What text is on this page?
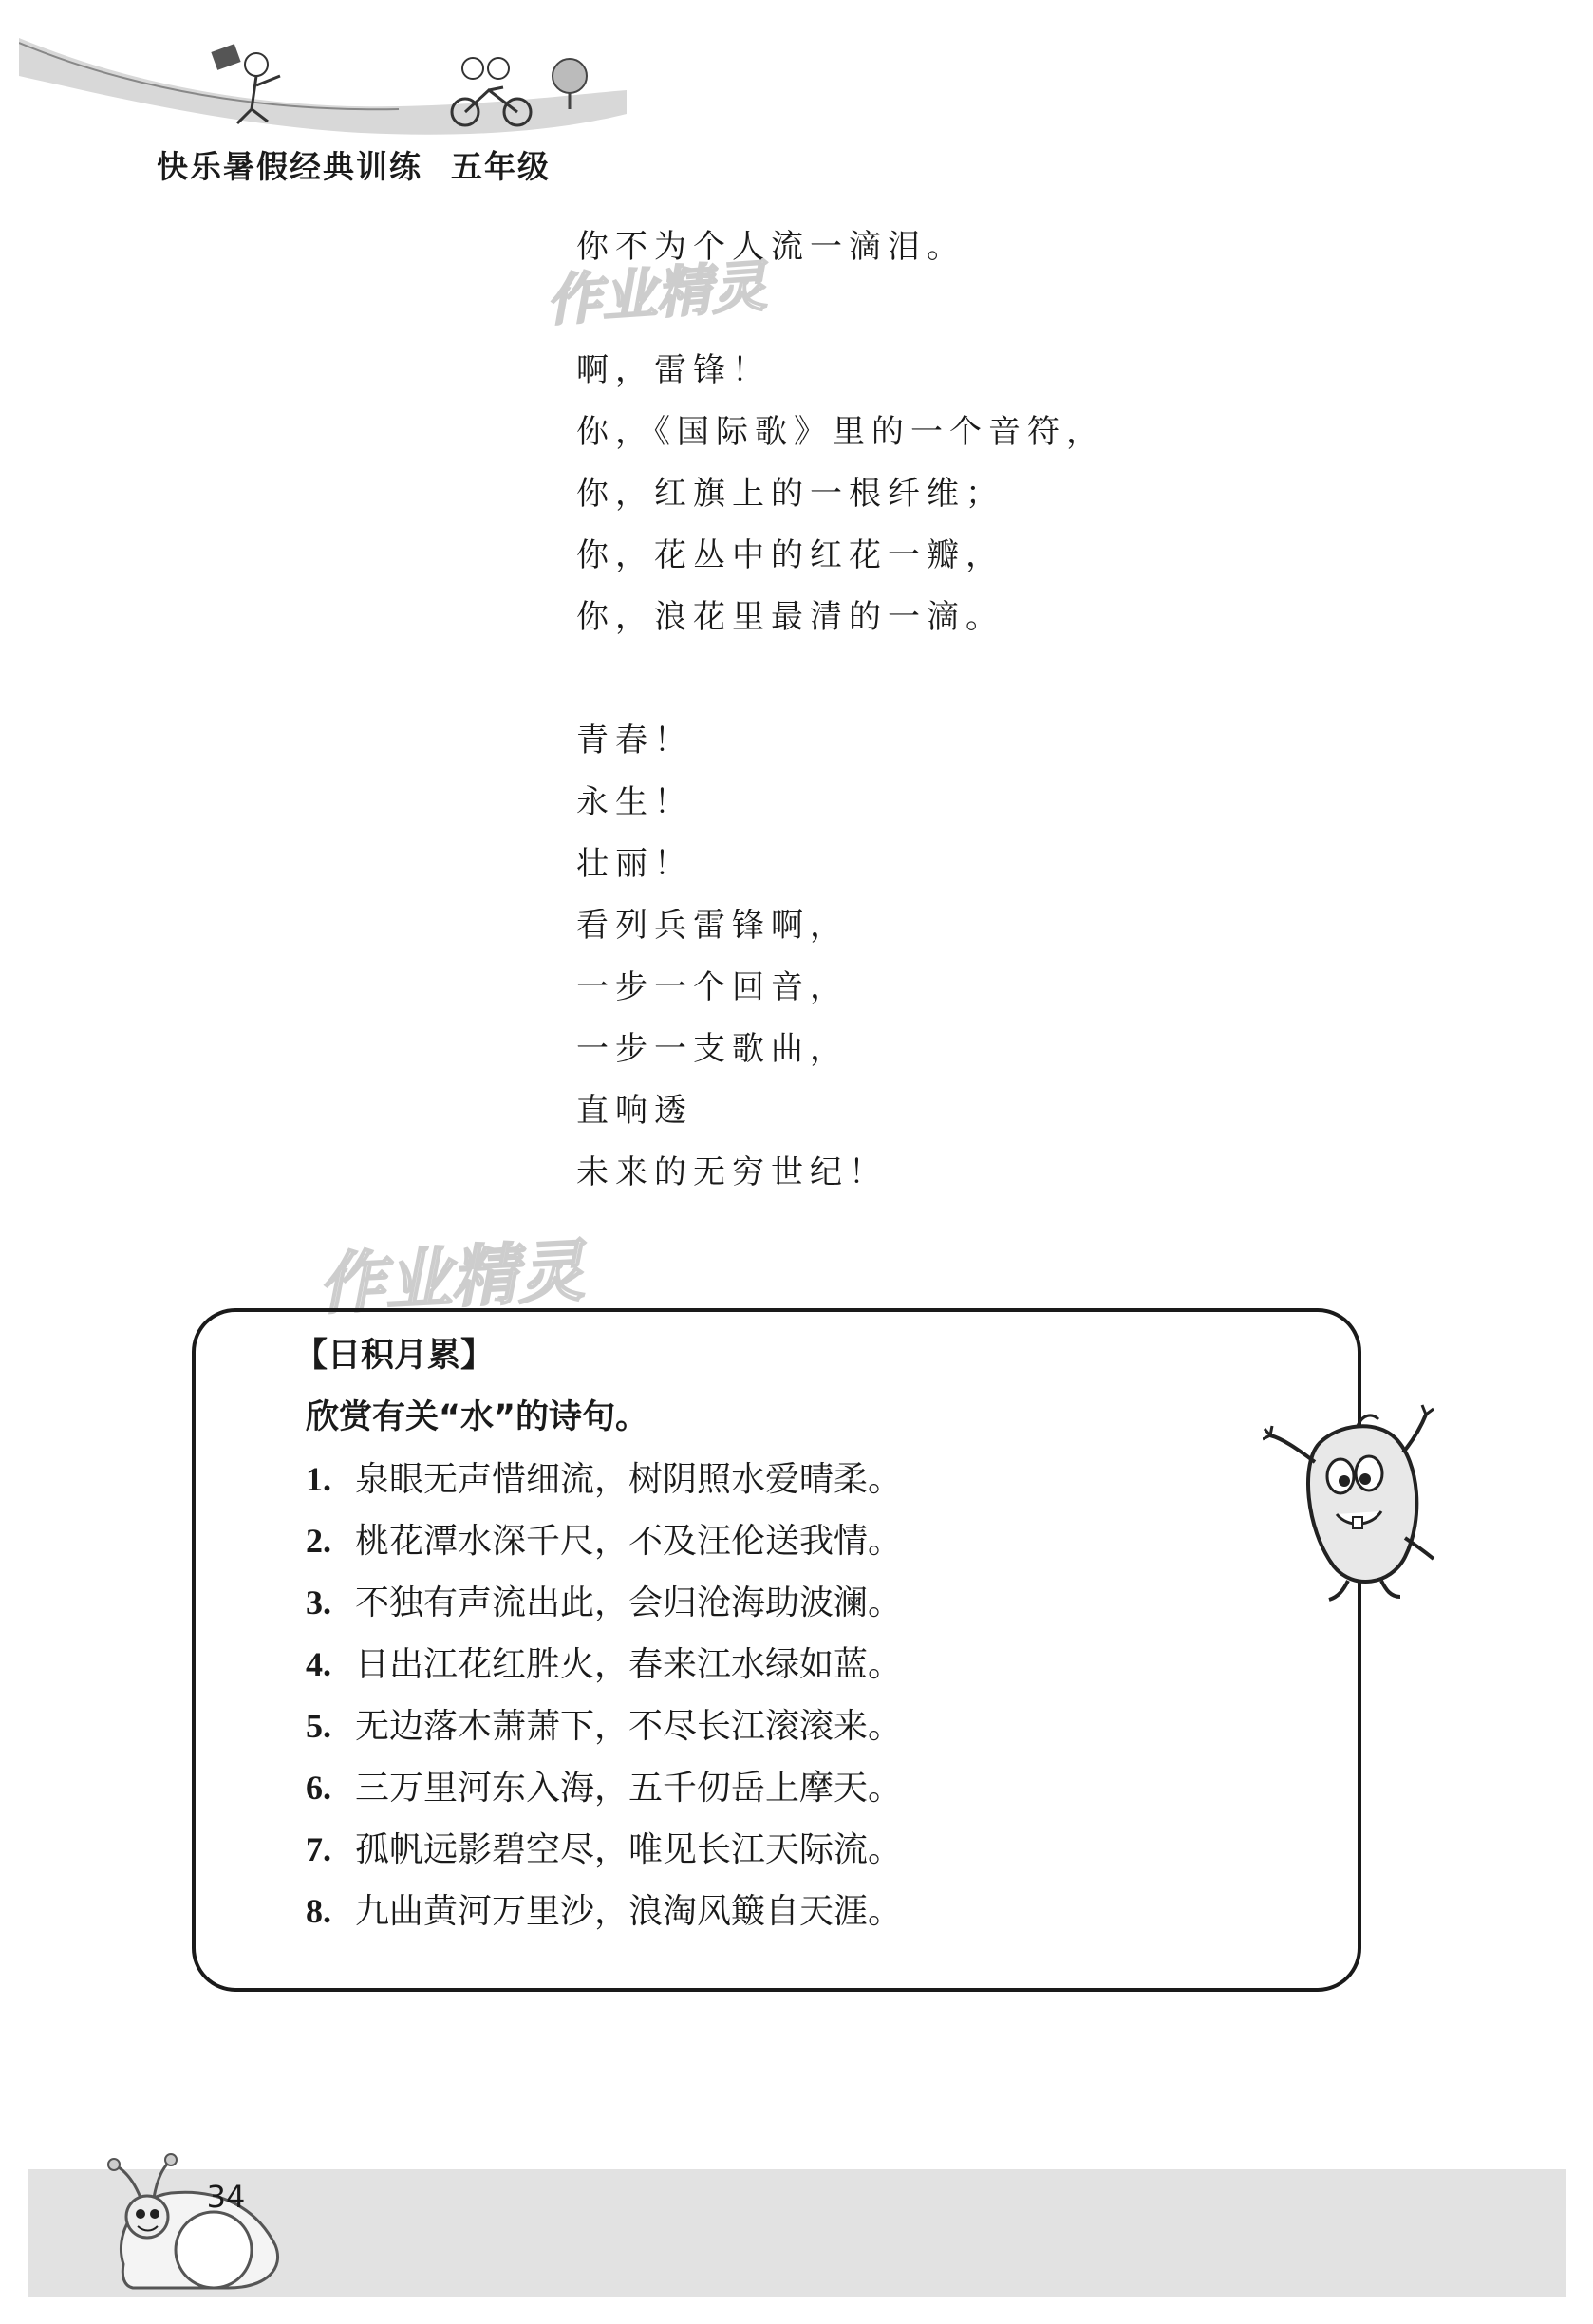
快乐暑假经典训练 五年级
作业精灵
作业精灵
你不为个人流一滴泪。
啊，雷锋！
你，《国际歌》里的一个音符，
你，红旗上的一根纤维；
你，花丛中的红花一瓣，
你，浪花里最清的一滴。
青春！
永生！
壮丽！
看列兵雷锋啊，
一步一个回音，
一步一支歌曲，
直响透
未来的无穷世纪！
【日积月累】
欣赏有关“水”的诗句。
1. 泉眼无声惜细流，树阴照水爱晴柔。
2. 桃花潭水深千尺，不及汪伦送我情。
3. 不独有声流出此，会归沧海助波澜。
4. 日出江花红胜火，春来江水绿如蓝。
5. 无边落木萧萧下，不尽长江滚滚来。
6. 三万里河东入海，五千仞岳上摩天。
7. 孤帆远影碧空尽，唯见长江天际流。
8. 九曲黄河万里沙，浪淘风簸自天涯。
34
